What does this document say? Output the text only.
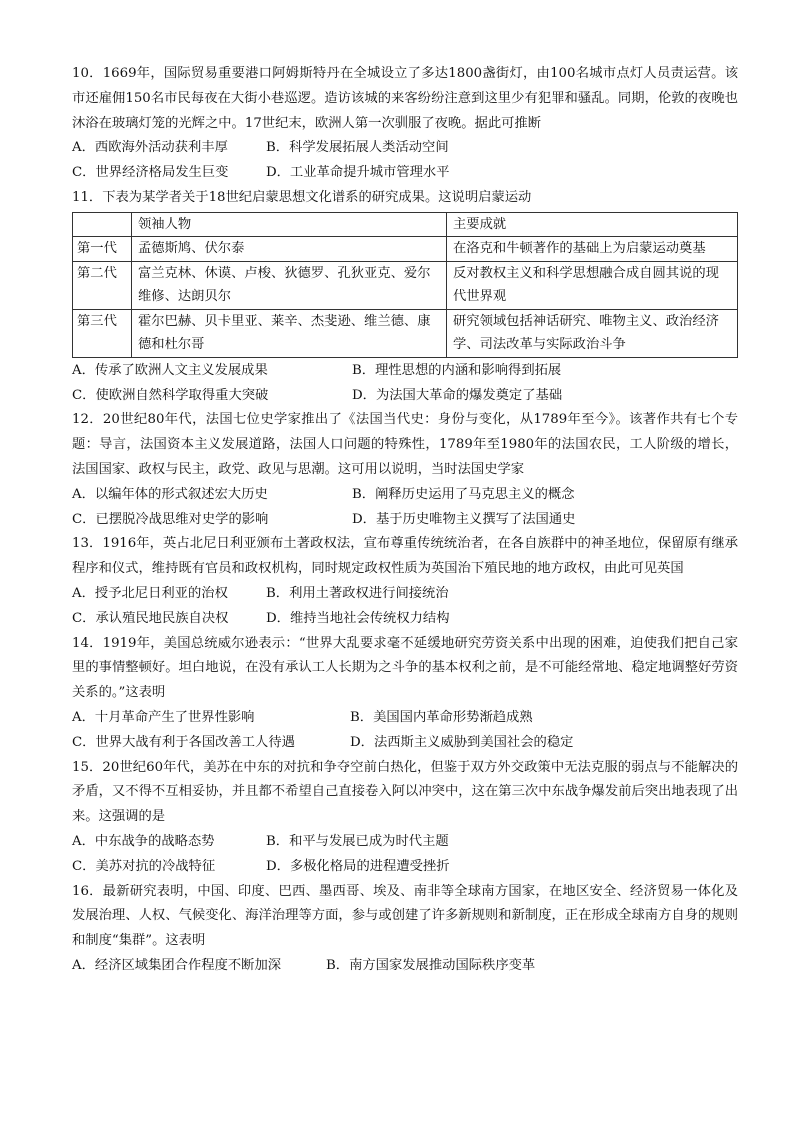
10．1669年，国际贸易重要港口阿姆斯特丹在全城设立了多达1800盏街灯，由100名城市点灯人员责运营。该市还雇佣150名市民每夜在大街小巷巡逻。造访该城的来客纷纷注意到这里少有犯罪和骚乱。同期，伦敦的夜晚也沐浴在玻璃灯笼的光辉之中。17世纪末，欧洲人第一次驯服了夜晚。据此可推断

A．西欧海外活动获利丰厚	B．科学发展拓展人类活动空间
C．世界经济格局发生巨变	D．工业革命提升城市管理水平

11．下表为某学者关于18世纪启蒙思想文化谱系的研究成果。这说明启蒙运动

	领袖人物	主要成就
第一代	孟德斯鸠、伏尔泰	在洛克和牛顿著作的基础上为启蒙运动奠基
第二代	富兰克林、休谟、卢梭、狄德罗、孔狄亚克、爱尔维修、达朗贝尔	反对教权主义和科学思想融合成自圆其说的现代世界观
第三代	霍尔巴赫、贝卡里亚、莱辛、杰斐逊、维兰德、康德和杜尔哥	研究领域包括神话研究、唯物主义、政治经济学、司法改革与实际政治斗争
A．传承了欧洲人文主义发展成果	B．理性思想的内涵和影响得到拓展
C．使欧洲自然科学取得重大突破	D．为法国大革命的爆发奠定了基础

12．20世纪80年代，法国七位史学家推出了《法国当代史：身份与变化，从1789年至今》。该著作共有七个专题：导言，法国资本主义发展道路，法国人口问题的特殊性，1789年至1980年的法国农民，工人阶级的增长，法国国家、政权与民主，政党、政见与思潮。这可用以说明，当时法国史学家

A．以编年体的形式叙述宏大历史	B．阐释历史运用了马克思主义的概念
C．已摆脱冷战思维对史学的影响	D．基于历史唯物主义撰写了法国通史

13．1916年，英占北尼日利亚颁布土著政权法，宣布尊重传统统治者，在各自族群中的神圣地位，保留原有继承程序和仪式，维持既有官员和政权机构，同时规定政权性质为英国治下殖民地的地方政权，由此可见英国

A．授予北尼日利亚的治权	B．利用土著政权进行间接统治
C．承认殖民地民族自决权	D．维持当地社会传统权力结构

14．1919年，美国总统威尔逊表示：“世界大乱要求毫不延缓地研究劳资关系中出现的困难，迫使我们把自己家里的事情整顿好。坦白地说，在没有承认工人长期为之斗争的基本权利之前，是不可能经常地、稳定地调整好劳资关系的。”这表明

A．十月革命产生了世界性影响	B．美国国内革命形势渐趋成熟
C．世界大战有利于各国改善工人待遇	D．法西斯主义威胁到美国社会的稳定

15．20世纪60年代，美苏在中东的对抗和争夺空前白热化，但鉴于双方外交政策中无法克服的弱点与不能解决的矛盾，又不得不互相妥协，并且都不希望自己直接卷入阿以冲突中，这在第三次中东战争爆发前后突出地表现了出来。这强调的是

A．中东战争的战略态势	B．和平与发展已成为时代主题
C．美苏对抗的冷战特征	D．多极化格局的进程遭受挫折

16．最新研究表明，中国、印度、巴西、墨西哥、埃及、南非等全球南方国家，在地区安全、经济贸易一体化及发展治理、人权、气候变化、海洋治理等方面，参与或创建了许多新规则和新制度，正在形成全球南方自身的规则和制度“集群”。这表明

A．经济区域集团合作程度不断加深	B．南方国家发展推动国际秩序变革
